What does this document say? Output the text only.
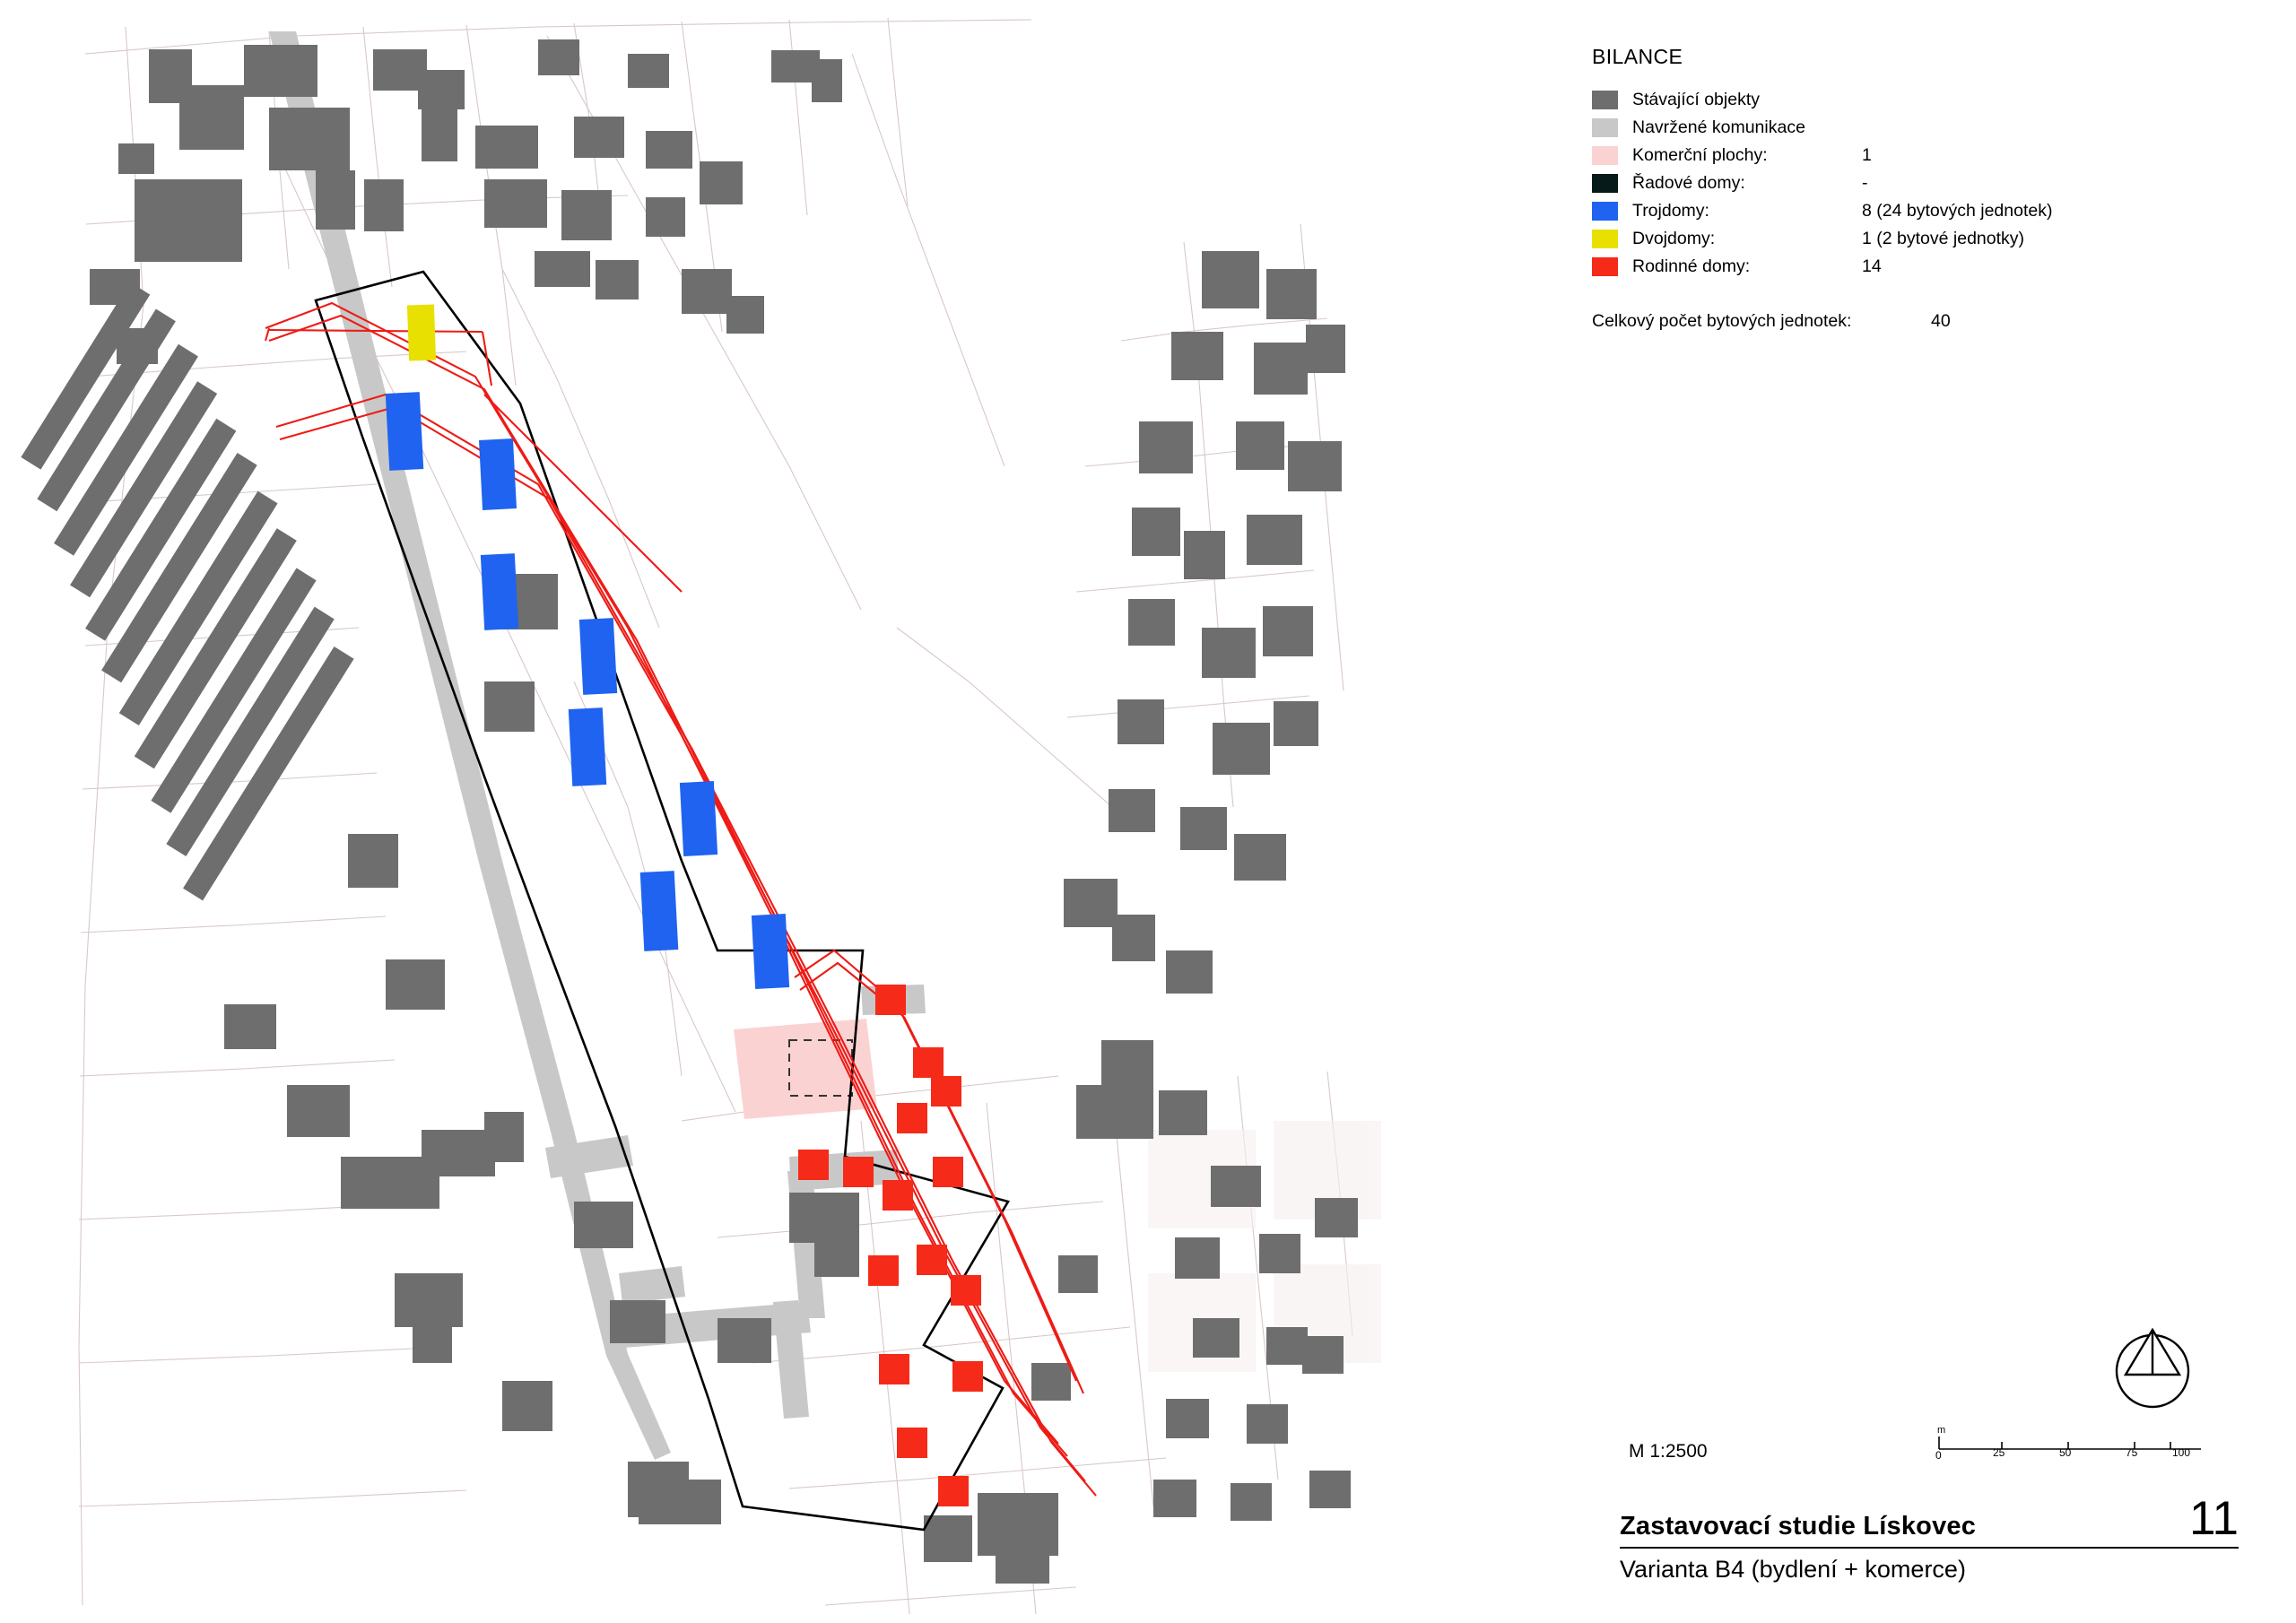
BILANCE
Stávající objekty
Navržené komunikace
Komerční plochy:	1
Řadové domy:	-
Trojdomy:	8 (24 bytových jednotek)
Dvojdomy:	1 (2 bytové jednotky)
Rodinné domy:	14
Celkový počet bytových jednotek:	40
M 1:2500
m
0	25	50	75	100
Zastavovací studie Lískovec	11
Varianta B4 (bydlení + komerce)
